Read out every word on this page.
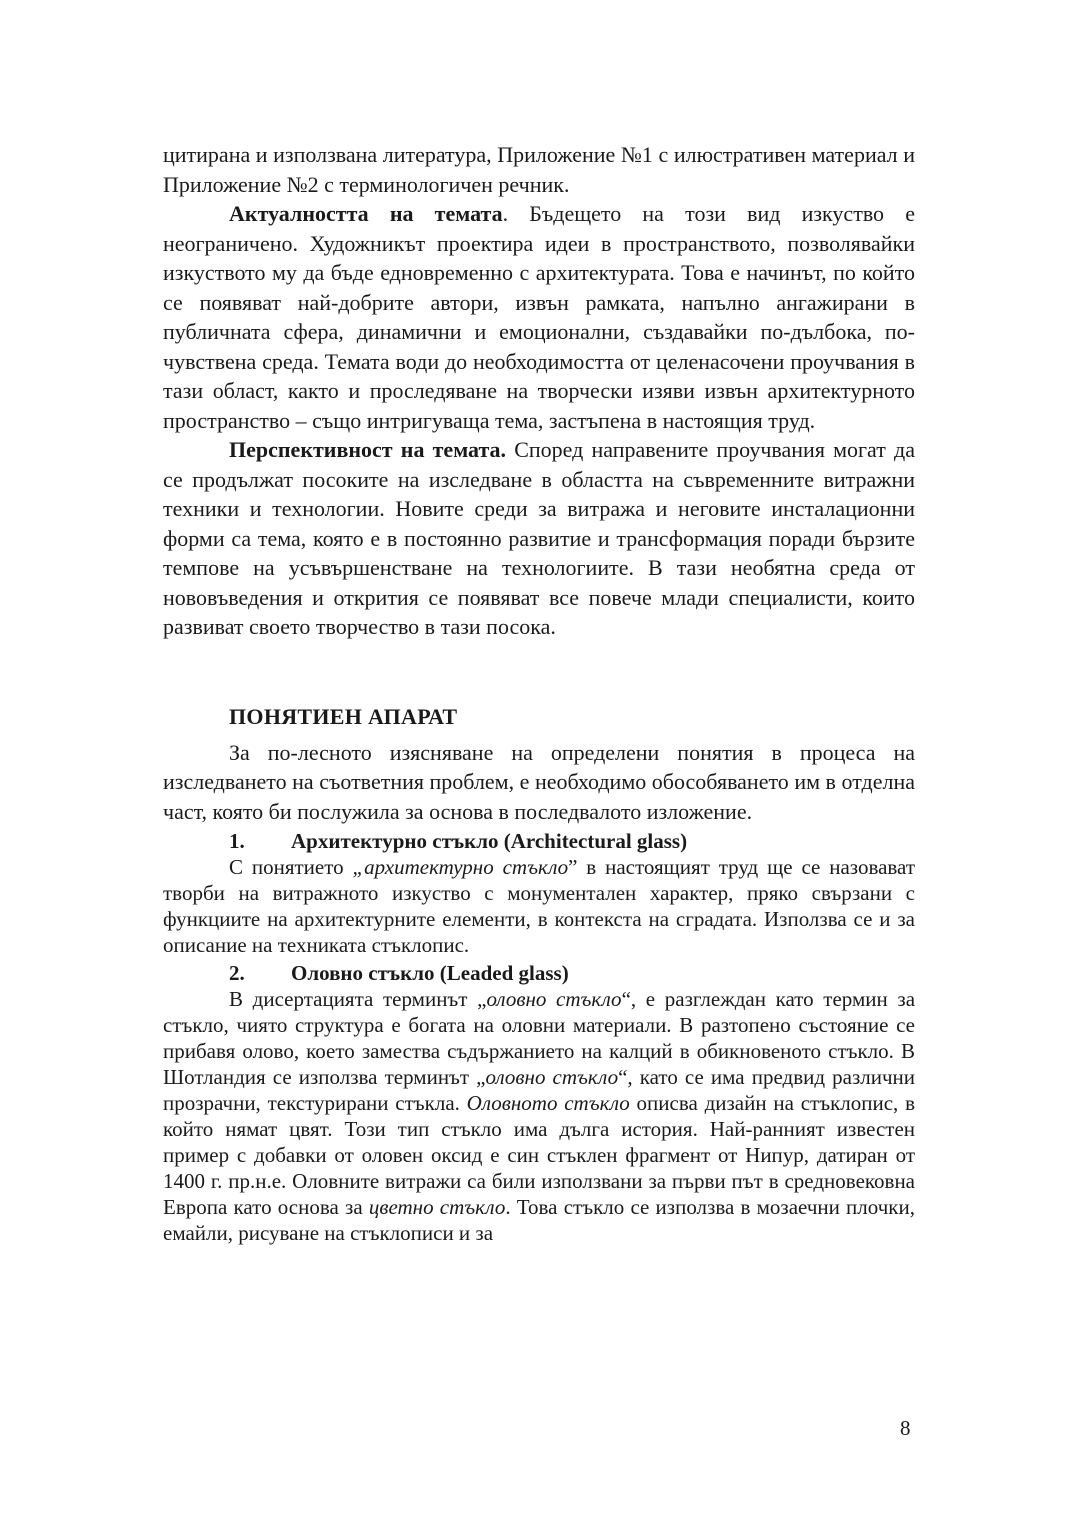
цитирана и използвана литература, Приложение №1 с илюстративен материал и Приложение №2 с терминологичен речник.

Актуалността на темата. Бъдещето на този вид изкуство е неограничено. Художникът проектира идеи в пространството, позволявайки изкуството му да бъде едновременно с архитектурата. Това е начинът, по който се появяват най-добрите автори, извън рамката, напълно ангажирани в публичната сфера, динамични и емоционални, създавайки по-дълбока, по-чувствена среда. Темата води до необходимостта от целенасочени проучвания в тази област, както и проследяване на творчески изяви извън архитектурното пространство – също интригуваща тема, застъпена в настоящия труд.

Перспективност на темата. Според направените проучвания могат да се продължат посоките на изследване в областта на съвременните витражни техники и технологии. Новите среди за витража и неговите инсталационни форми са тема, която е в постоянно развитие и трансформация поради бързите темпове на усъвършенстване на технологиите. В тази необятна среда от нововъведения и открития се появяват все повече млади специалисти, които развиват своето творчество в тази посока.

ПОНЯТИЕН АПАРАТ

За по-лесното изясняване на определени понятия в процеса на изследването на съответния проблем, е необходимо обособяването им в отделна част, която би послужила за основа в последвалото изложение.

1.	Архитектурно стъкло (Architectural glass)

С понятието „архитектурно стъкло” в настоящият труд ще се назовават творби на витражното изкуство с монументален характер, пряко свързани с функциите на архитектурните елементи, в контекста на сградата. Използва се и за описание на техниката стъклопис.

2.	Оловно стъкло (Leaded glass)

В дисертацията терминът „оловно стъкло“, е разглеждан като термин за стъкло, чиято структура е богата на оловни материали. В разтопено състояние се прибавя олово, което замества съдържанието на калций в обикновеното стъкло. В Шотландия се използва терминът „оловно стъкло“, като се има предвид различни прозрачни, текстурирани стъкла. Оловното стъкло описва дизайн на стъклопис, в който нямат цвят. Този тип стъкло има дълга история. Най-ранният известен пример с добавки от оловен оксид е син стъклен фрагмент от Нипур, датиран от 1400 г. пр.н.е. Оловните витражи са били използвани за първи път в средновековна Европа като основа за цветно стъкло. Това стъкло се използва в мозаечни плочки, емайли, рисуване на стъклописи и за

8
